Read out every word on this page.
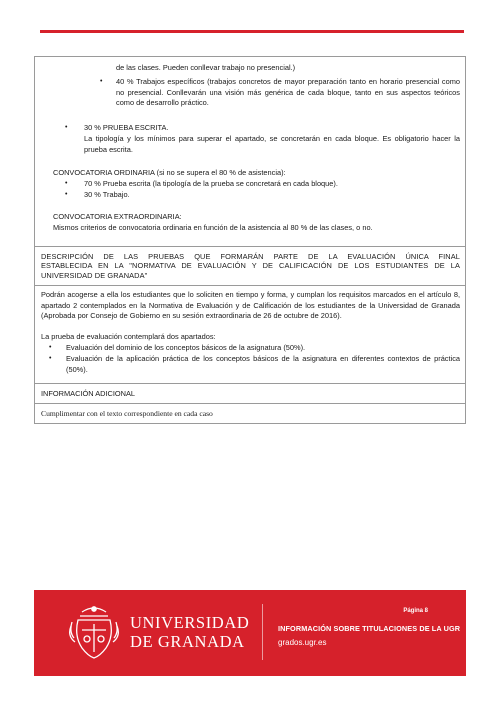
de las clases. Pueden conllevar trabajo no presencial.)
• 40 % Trabajos específicos (trabajos concretos de mayor preparación tanto en horario presencial como no presencial. Conllevarán una visión más genérica de cada bloque, tanto en sus aspectos teóricos como de desarrollo práctico.
• 30 % PRUEBA ESCRITA.
La tipología y los mínimos para superar el apartado, se concretarán en cada bloque. Es obligatorio hacer la prueba escrita.
CONVOCATORIA ORDINARIA (si no se supera el 80 % de asistencia):
• 70 % Prueba escrita (la tipología de la prueba se concretará en cada bloque).
• 30 % Trabajo.
CONVOCATORIA EXTRAORDINARIA:
Mismos criterios de convocatoria ordinaria en función de la asistencia al 80 % de las clases, o no.
DESCRIPCIÓN DE LAS PRUEBAS QUE FORMARÁN PARTE DE LA EVALUACIÓN ÚNICA FINAL
ESTABLECIDA EN LA "NORMATIVA DE EVALUACIÓN Y DE CALIFICACIÓN DE LOS ESTUDIANTES DE LA
UNIVERSIDAD DE GRANADA"
Podrán acogerse a ella los estudiantes que lo soliciten en tiempo y forma, y cumplan los requisitos marcados en el artículo 8, apartado 2 contemplados en la Normativa de Evaluación y de Calificación de los estudiantes de la Universidad de Granada (Aprobada por Consejo de Gobierno en su sesión extraordinaria de 26 de octubre de 2016).
La prueba de evaluación contemplará dos apartados:
• Evaluación del dominio de los conceptos básicos de la asignatura (50%).
• Evaluación de la aplicación práctica de los conceptos básicos de la asignatura en diferentes contextos de práctica (50%).
INFORMACIÓN ADICIONAL
Cumplimentar con el texto correspondiente en cada caso
UNIVERSIDAD
DE GRANADA
Página 8
INFORMACIÓN SOBRE TITULACIONES DE LA UGR
grados.ugr.es
